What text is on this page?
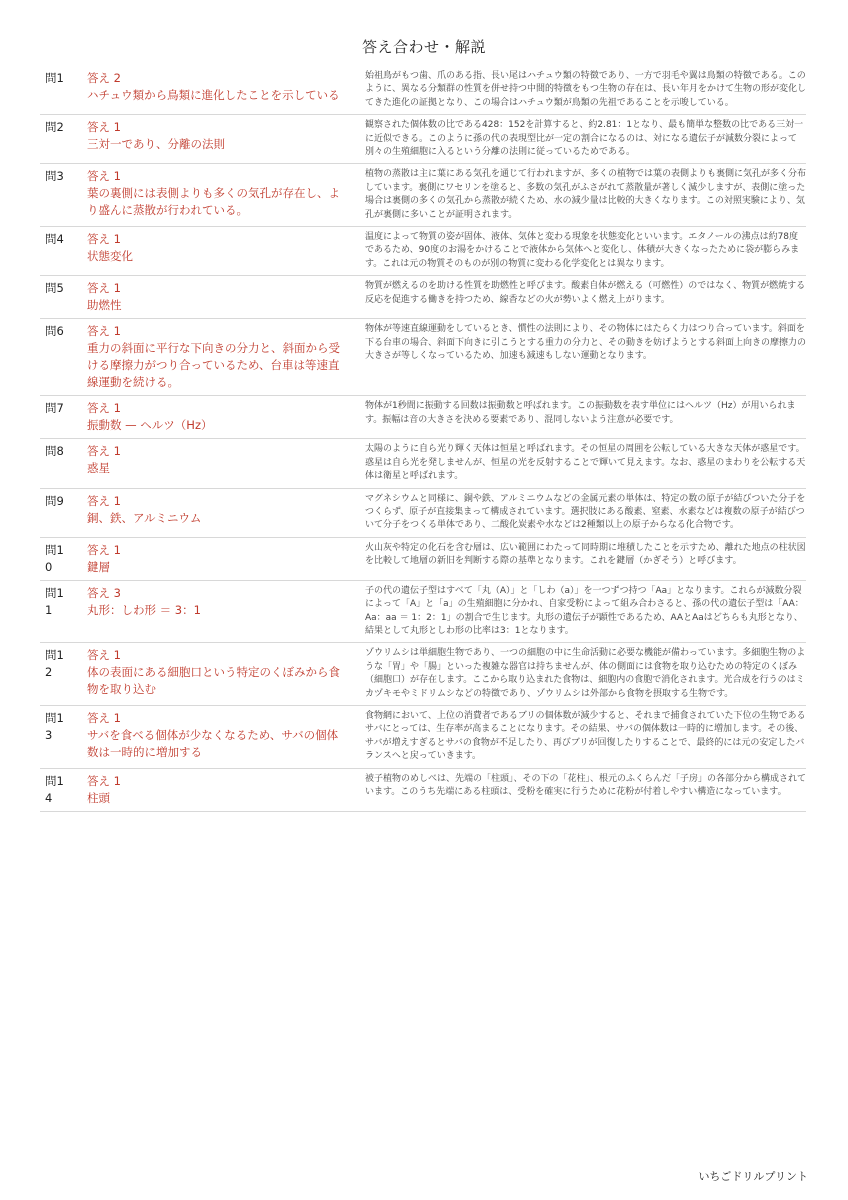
答え合わせ・解説
問1	答え 2
ハチュウ類から鳥類に進化したことを示している	始祖鳥がもつ歯、爪のある指、長い尾はハチュウ類の特徴であり、一方で羽毛や翼は鳥類の特徴である。このように、異なる分類群の性質を併せ持つ中間的特徴をもつ生物の存在は、長い年月をかけて生物の形が変化してきた進化の証拠となり、この場合はハチュウ類が鳥類の先祖であることを示唆している。

問2	答え 1
三対一であり、分離の法則	観察された個体数の比である428：152を計算すると、約2.81：1となり、最も簡単な整数の比である三対一に近似できる。このように孫の代の表現型比が一定の割合になるのは、対になる遺伝子が減数分裂によって別々の生殖細胞に入るという分離の法則に従っているためである。

問3	答え 1
葉の裏側には表側よりも多くの気孔が存在し、より盛んに蒸散が行われている。	植物の蒸散は主に葉にある気孔を通じて行われますが、多くの植物では葉の表側よりも裏側に気孔が多く分布しています。裏側にワセリンを塗ると、多数の気孔がふさがれて蒸散量が著しく減少しますが、表側に塗った場合は裏側の多くの気孔から蒸散が続くため、水の減少量は比較的大きくなります。この対照実験により、気孔が裏側に多いことが証明されます。

問4	答え 1
状態変化	温度によって物質の姿が固体、液体、気体と変わる現象を状態変化といいます。エタノールの沸点は約78度であるため、90度のお湯をかけることで液体から気体へと変化し、体積が大きくなったために袋が膨らみます。これは元の物質そのものが別の物質に変わる化学変化とは異なります。

問5	答え 1
助燃性	物質が燃えるのを助ける性質を助燃性と呼びます。酸素自体が燃える（可燃性）のではなく、物質が燃焼する反応を促進する働きを持つため、線香などの火が勢いよく燃え上がります。

問6	答え 1
重力の斜面に平行な下向きの分力と、斜面から受ける摩擦力がつり合っているため、台車は等速直線運動を続ける。	物体が等速直線運動をしているとき、慣性の法則により、その物体にはたらく力はつり合っています。斜面を下る台車の場合、斜面下向きに引こうとする重力の分力と、その動きを妨げようとする斜面上向きの摩擦力の大きさが等しくなっているため、加速も減速もしない運動となります。

問7	答え 1
振動数 — ヘルツ（Hz）	物体が1秒間に振動する回数は振動数と呼ばれます。この振動数を表す単位にはヘルツ（Hz）が用いられます。振幅は音の大きさを決める要素であり、混同しないよう注意が必要です。

問8	答え 1
惑星	太陽のように自ら光り輝く天体は恒星と呼ばれます。その恒星の周囲を公転している大きな天体が惑星です。惑星は自ら光を発しませんが、恒星の光を反射することで輝いて見えます。なお、惑星のまわりを公転する天体は衛星と呼ばれます。

問9	答え 1
銅、鉄、アルミニウム	マグネシウムと同様に、銅や鉄、アルミニウムなどの金属元素の単体は、特定の数の原子が結びついた分子をつくらず、原子が直接集まって構成されています。選択肢にある酸素、窒素、水素などは複数の原子が結びついて分子をつくる単体であり、二酸化炭素や水などは2種類以上の原子からなる化合物です。

問10	答え 1
鍵層	火山灰や特定の化石を含む層は、広い範囲にわたって同時期に堆積したことを示すため、離れた地点の柱状図を比較して地層の新旧を判断する際の基準となります。これを鍵層（かぎそう）と呼びます。

問11	答え 3
丸形：しわ形 ＝ 3：1	子の代の遺伝子型はすべて「丸（A）」と「しわ（a）」を一つずつ持つ「Aa」となります。これらが減数分裂によって「A」と「a」の生殖細胞に分かれ、自家受粉によって組み合わさると、孫の代の遺伝子型は「AA：Aa：aa ＝ 1：2：1」の割合で生じます。丸形の遺伝子が顕性であるため、AAとAaはどちらも丸形となり、結果として丸形としわ形の比率は3：1となります。

問12	答え 1
体の表面にある細胞口という特定のくぼみから食物を取り込む	ゾウリムシは単細胞生物であり、一つの細胞の中に生命活動に必要な機能が備わっています。多細胞生物のような「胃」や「腸」といった複雑な器官は持ちませんが、体の側面には食物を取り込むための特定のくぼみ（細胞口）が存在します。ここから取り込まれた食物は、細胞内の食胞で消化されます。光合成を行うのはミカヅキモやミドリムシなどの特徴であり、ゾウリムシは外部から食物を摂取する生物です。

問13	答え 1
サバを食べる個体が少なくなるため、サバの個体数は一時的に増加する	食物網において、上位の消費者であるブリの個体数が減少すると、それまで捕食されていた下位の生物であるサバにとっては、生存率が高まることになります。その結果、サバの個体数は一時的に増加します。その後、サバが増えすぎるとサバの食物が不足したり、再びブリが回復したりすることで、最終的には元の安定したバランスへと戻っていきます。

問14	答え 1
柱頭	被子植物のめしべは、先端の「柱頭」、その下の「花柱」、根元のふくらんだ「子房」の各部分から構成されています。このうち先端にある柱頭は、受粉を確実に行うために花粉が付着しやすい構造になっています。
いちごドリルプリント
